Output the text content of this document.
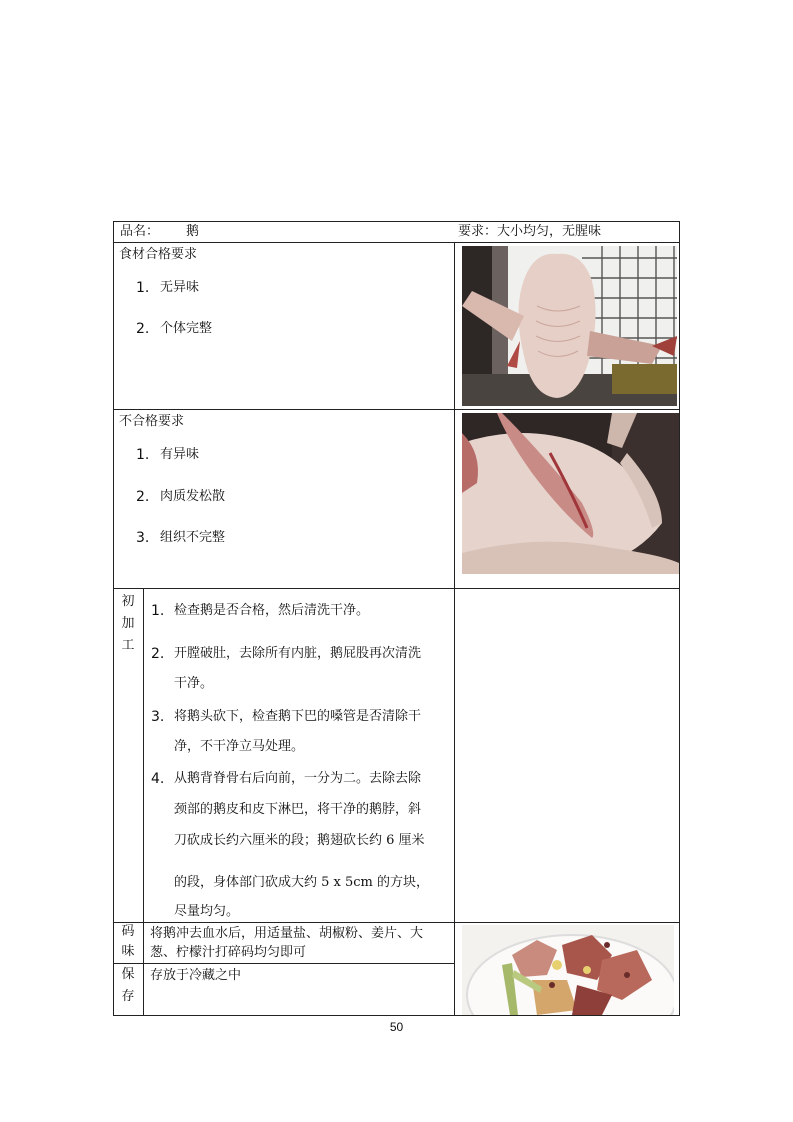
品名： 鹅	要求：大小均匀，无腥味
食材合格要求
1. 无异味
2. 个体完整
不合格要求
1. 有异味
2. 肉质发松散
3. 组织不完整
初
加
工
1. 检查鹅是否合格，然后清洗干净。
2. 开膛破肚，去除所有内脏，鹅屁股再次清洗
干净。
3. 将鹅头砍下，检查鹅下巴的嗓管是否清除干
净，不干净立马处理。
4. 从鹅背脊骨右后向前，一分为二。去除去除
颈部的鹅皮和皮下淋巴，将干净的鹅脖，斜
刀砍成长约六厘米的段；鹅翅砍长约 6 厘米
的段，身体部门砍成大约 5 x 5cm 的方块，
尽量均匀。
码
味
将鹅冲去血水后，用适量盐、胡椒粉、姜片、大
葱、柠檬汁打碎码均匀即可
保
存
存放于冷藏之中
50
